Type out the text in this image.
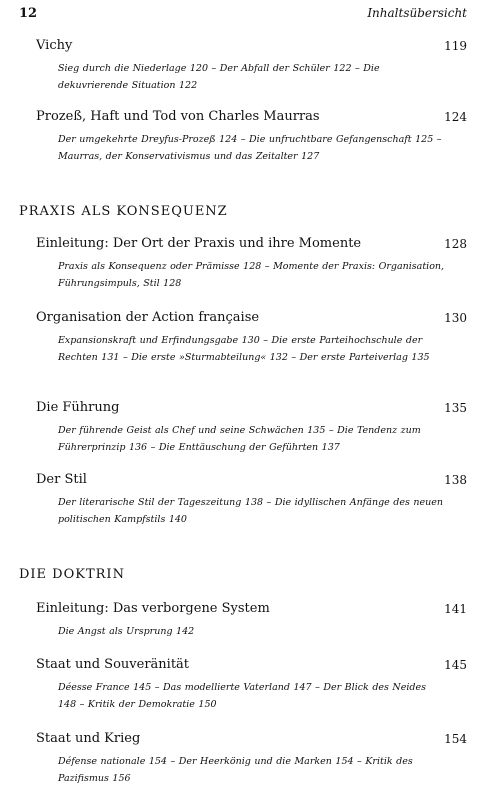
12	Inhaltsübersicht
Vichy	119
Sieg durch die Niederlage 120 – Der Abfall der Schüler 122 – Die dekuvrierende Situation 122
Prozeß, Haft und Tod von Charles Maurras	124
Der umgekehrte Dreyfus-Prozeß 124 – Die unfruchtbare Gefangenschaft 125 – Maurras, der Konservativismus und das Zeitalter 127
PRAXIS ALS KONSEQUENZ
Einleitung: Der Ort der Praxis und ihre Momente	128
Praxis als Konsequenz oder Prämisse 128 – Momente der Praxis: Organisation, Führungsimpuls, Stil 128
Organisation der Action française	130
Expansionskraft und Erfindungsgabe 130 – Die erste Parteihochschule der Rechten 131 – Die erste »Sturmabteilung« 132 – Der erste Parteiverlag 135
Die Führung	135
Der führende Geist als Chef und seine Schwächen 135 – Die Tendenz zum Führerprinzip 136 – Die Enttäuschung der Geführten 137
Der Stil	138
Der literarische Stil der Tageszeitung 138 – Die idyllischen Anfänge des neuen politischen Kampfstils 140
DIE DOKTRIN
Einleitung: Das verborgene System	141
Die Angst als Ursprung 142
Staat und Souveränität	145
Déesse France 145 – Das modellierte Vaterland 147 – Der Blick des Neides 148 – Kritik der Demokratie 150
Staat und Krieg	154
Défense nationale 154 – Der Heerkönig und die Marken 154 – Kritik des Pazifismus 156
